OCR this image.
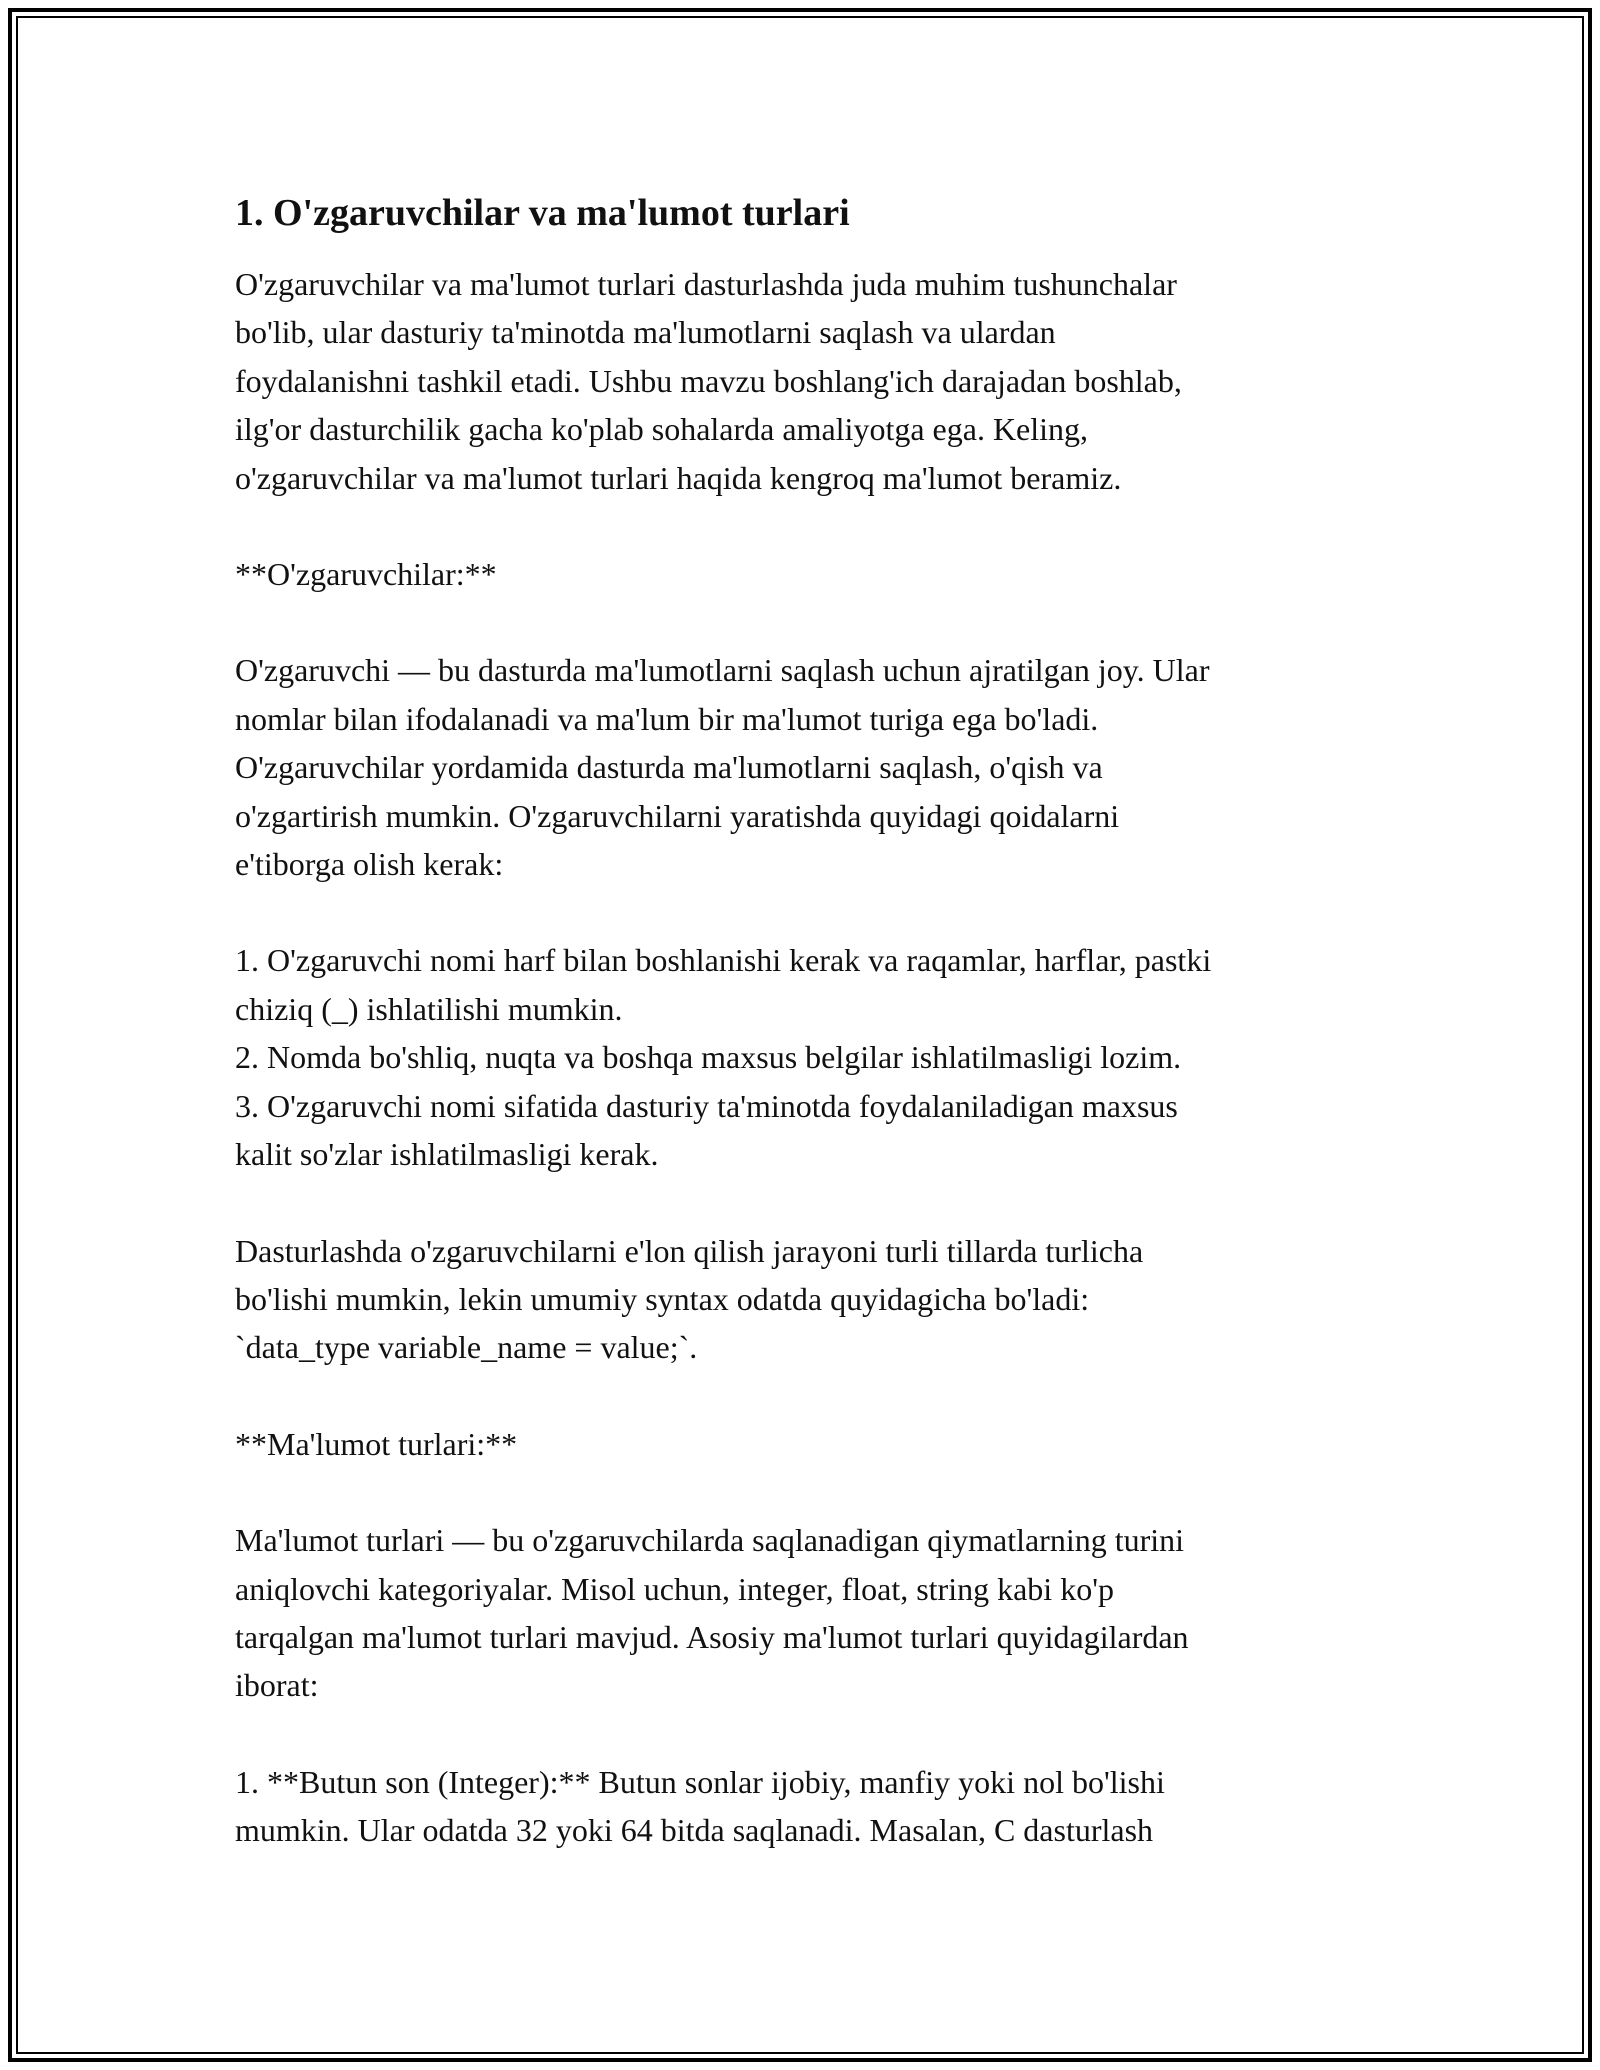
1. O'zgaruvchilar va ma'lumot turlari

O'zgaruvchilar va ma'lumot turlari dasturlashda juda muhim tushunchalar
bo'lib, ular dasturiy ta'minotda ma'lumotlarni saqlash va ulardan
foydalanishni tashkil etadi. Ushbu mavzu boshlang'ich darajadan boshlab,
ilg'or dasturchilik gacha ko'plab sohalarda amaliyotga ega. Keling,
o'zgaruvchilar va ma'lumot turlari haqida kengroq ma'lumot beramiz.

**O'zgaruvchilar:**

O'zgaruvchi — bu dasturda ma'lumotlarni saqlash uchun ajratilgan joy. Ular
nomlar bilan ifodalanadi va ma'lum bir ma'lumot turiga ega bo'ladi.
O'zgaruvchilar yordamida dasturda ma'lumotlarni saqlash, o'qish va
o'zgartirish mumkin. O'zgaruvchilarni yaratishda quyidagi qoidalarni
e'tiborga olish kerak:

1. O'zgaruvchi nomi harf bilan boshlanishi kerak va raqamlar, harflar, pastki
chiziq (_) ishlatilishi mumkin.
2. Nomda bo'shliq, nuqta va boshqa maxsus belgilar ishlatilmasligi lozim.
3. O'zgaruvchi nomi sifatida dasturiy ta'minotda foydalaniladigan maxsus
kalit so'zlar ishlatilmasligi kerak.

Dasturlashda o'zgaruvchilarni e'lon qilish jarayoni turli tillarda turlicha
bo'lishi mumkin, lekin umumiy syntax odatda quyidagicha bo'ladi:
`data_type variable_name = value;`.

**Ma'lumot turlari:**

Ma'lumot turlari — bu o'zgaruvchilarda saqlanadigan qiymatlarning turini
aniqlovchi kategoriyalar. Misol uchun, integer, float, string kabi ko'p
tarqalgan ma'lumot turlari mavjud. Asosiy ma'lumot turlari quyidagilardan
iborat:

1. **Butun son (Integer):** Butun sonlar ijobiy, manfiy yoki nol bo'lishi
mumkin. Ular odatda 32 yoki 64 bitda saqlanadi. Masalan, C dasturlash
